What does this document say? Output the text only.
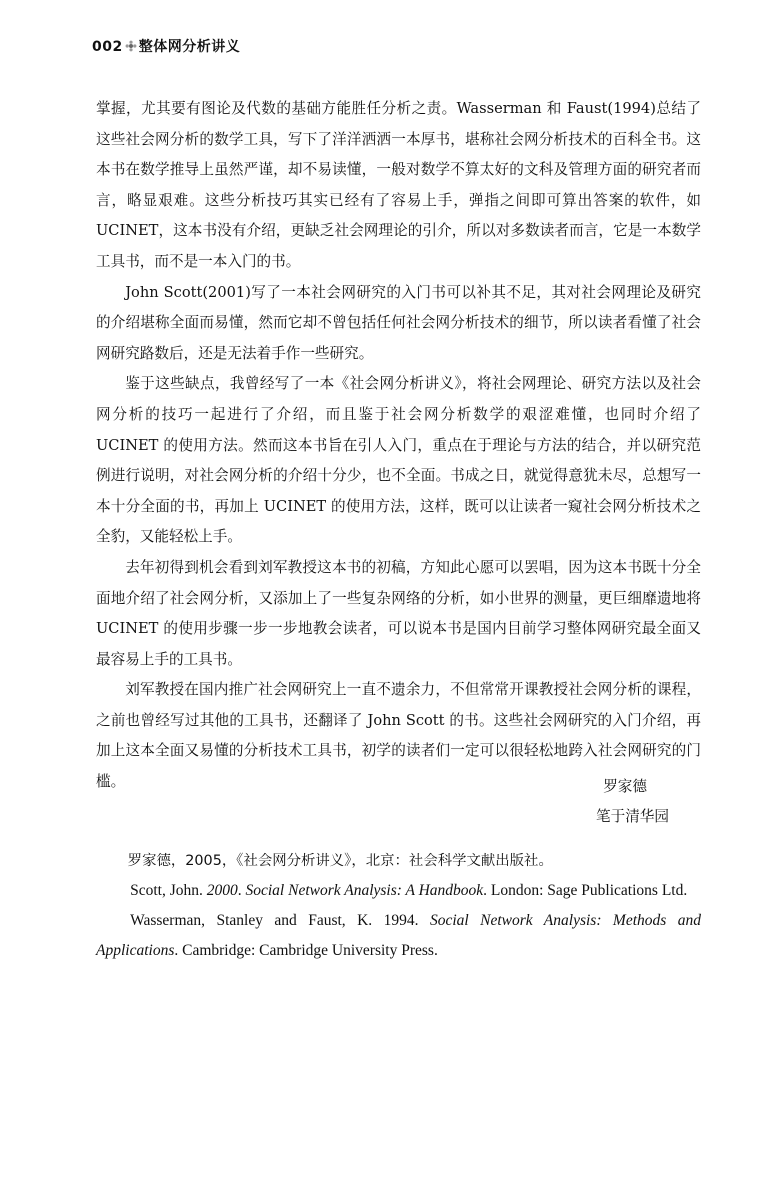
002 整体网分析讲义

掌握，尤其要有图论及代数的基础方能胜任分析之责。Wasserman 和 Faust(1994)总结了这些社会网分析的数学工具，写下了洋洋洒洒一本厚书，堪称社会网分析技术的百科全书。这本书在数学推导上虽然严谨，却不易读懂，一般对数学不算太好的文科及管理方面的研究者而言，略显艰难。这些分析技巧其实已经有了容易上手，弹指之间即可算出答案的软件，如 UCINET，这本书没有介绍，更缺乏社会网理论的引介，所以对多数读者而言，它是一本数学工具书，而不是一本入门的书。

John Scott(2001)写了一本社会网研究的入门书可以补其不足，其对社会网理论及研究的介绍堪称全面而易懂，然而它却不曾包括任何社会网分析技术的细节，所以读者看懂了社会网研究路数后，还是无法着手作一些研究。

鉴于这些缺点，我曾经写了一本《社会网分析讲义》，将社会网理论、研究方法以及社会网分析的技巧一起进行了介绍，而且鉴于社会网分析数学的艰涩难懂，也同时介绍了 UCINET 的使用方法。然而这本书旨在引人入门，重点在于理论与方法的结合，并以研究范例进行说明，对社会网分析的介绍十分少，也不全面。书成之日，就觉得意犹未尽，总想写一本十分全面的书，再加上 UCINET 的使用方法，这样，既可以让读者一窥社会网分析技术之全豹，又能轻松上手。

去年初得到机会看到刘军教授这本书的初稿，方知此心愿可以罢唱，因为这本书既十分全面地介绍了社会网分析，又添加上了一些复杂网络的分析，如小世界的测量，更巨细靡遗地将 UCINET 的使用步骤一步一步地教会读者，可以说本书是国内目前学习整体网研究最全面又最容易上手的工具书。

刘军教授在国内推广社会网研究上一直不遗余力，不但常常开课教授社会网分析的课程，之前也曾经写过其他的工具书，还翻译了 John Scott 的书。这些社会网研究的入门介绍，再加上这本全面又易懂的分析技术工具书，初学的读者们一定可以很轻松地跨入社会网研究的门槛。	罗家德
笔于清华园

罗家德，2005，《社会网分析讲义》，北京：社会科学文献出版社。

Scott, John. 2000. Social Network Analysis: A Handbook. London: Sage Publications Ltd.

Wasserman, Stanley and Faust, K. 1994. Social Network Analysis: Methods and Applications. Cambridge: Cambridge University Press.
